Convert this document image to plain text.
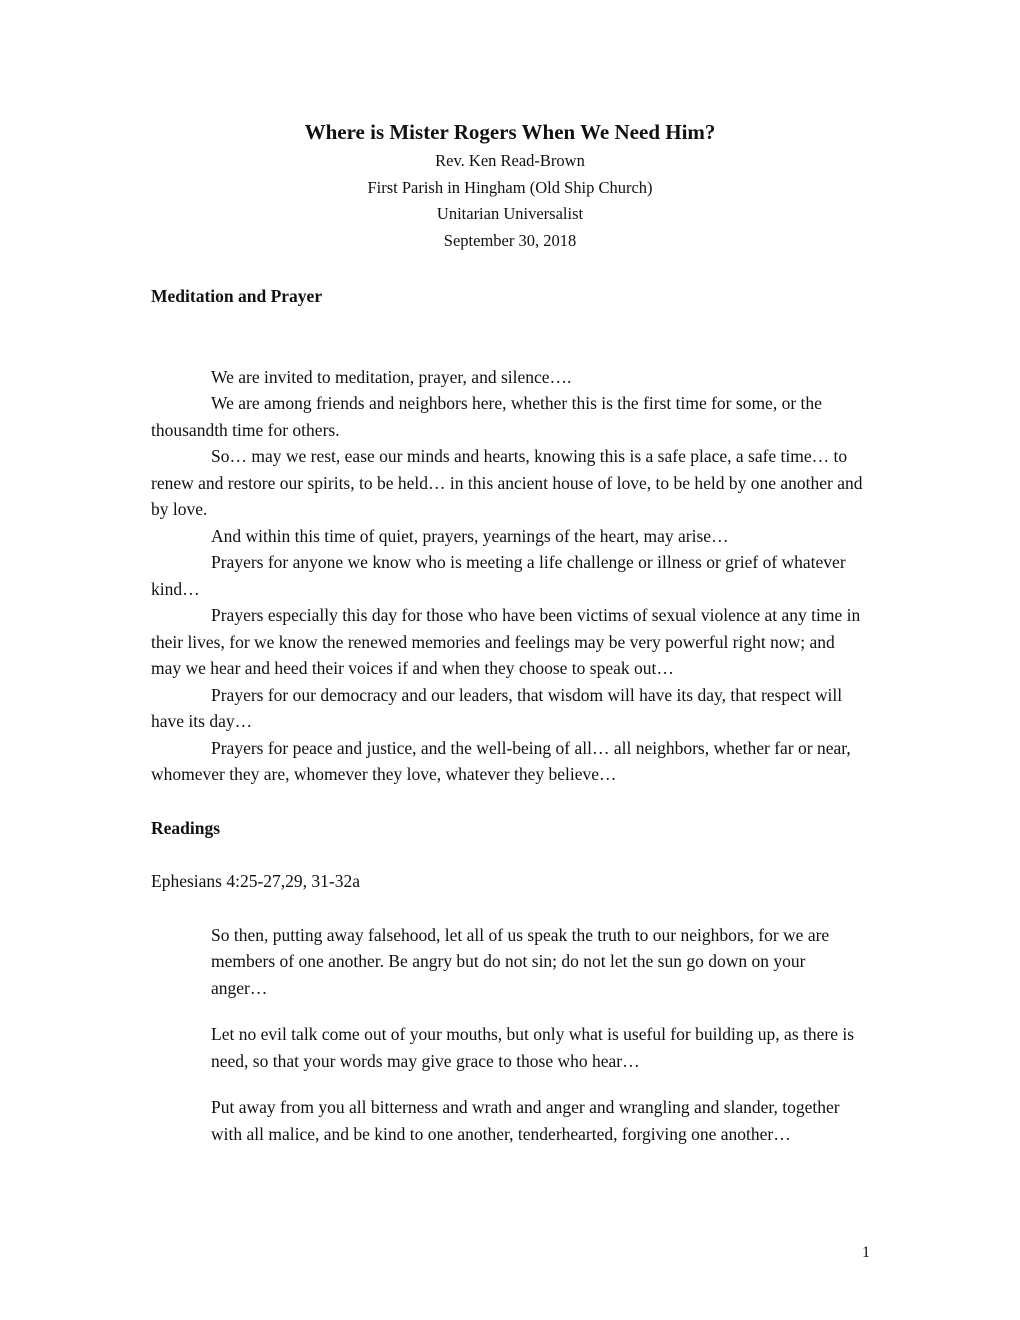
Where is Mister Rogers When We Need Him?
Rev. Ken Read-Brown
First Parish in Hingham (Old Ship Church)
Unitarian Universalist
September 30, 2018
Meditation and Prayer
We are invited to meditation, prayer, and silence….
We are among friends and neighbors here, whether this is the first time for some, or the thousandth time for others.
So… may we rest, ease our minds and hearts, knowing this is a safe place, a safe time… to renew and restore our spirits, to be held… in this ancient house of love, to be held by one another and by love.
And within this time of quiet, prayers, yearnings of the heart, may arise…
Prayers for anyone we know who is meeting a life challenge or illness or grief of whatever kind…
Prayers especially this day for those who have been victims of sexual violence at any time in their lives, for we know the renewed memories and feelings may be very powerful right now; and may we hear and heed their voices if and when they choose to speak out…
Prayers for our democracy and our leaders, that wisdom will have its day, that respect will have its day…
Prayers for peace and justice, and the well-being of all… all neighbors, whether far or near, whomever they are, whomever they love, whatever they believe…
Readings
Ephesians 4:25-27,29, 31-32a
So then, putting away falsehood, let all of us speak the truth to our neighbors, for we are members of one another. Be angry but do not sin; do not let the sun go down on your anger…
Let no evil talk come out of your mouths, but only what is useful for building up, as there is need, so that your words may give grace to those who hear…
Put away from you all bitterness and wrath and anger and wrangling and slander, together with all malice, and be kind to one another, tenderhearted, forgiving one another…
1
